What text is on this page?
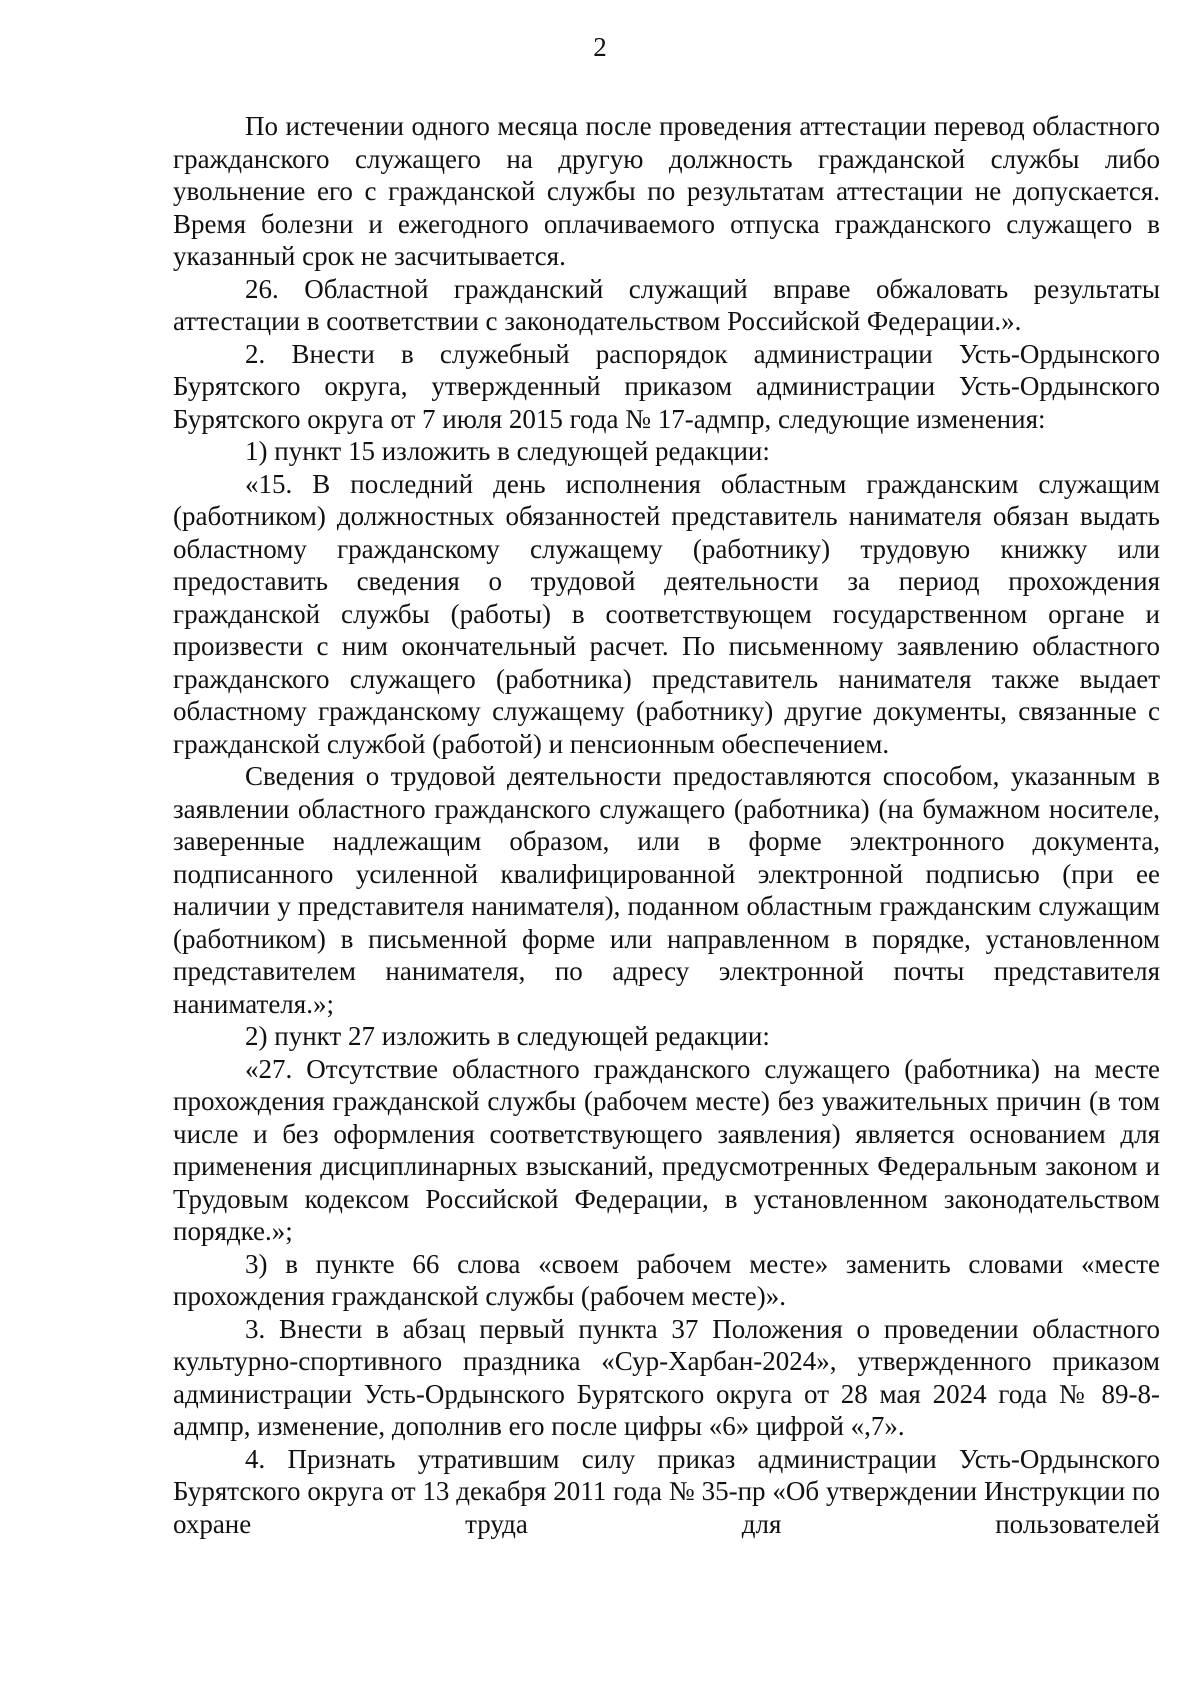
2

По истечении одного месяца после проведения аттестации перевод областного гражданского служащего на другую должность гражданской службы либо увольнение его с гражданской службы по результатам аттестации не допускается. Время болезни и ежегодного оплачиваемого отпуска гражданского служащего в указанный срок не засчитывается.

26. Областной гражданский служащий вправе обжаловать результаты аттестации в соответствии с законодательством Российской Федерации.».

2. Внести в служебный распорядок администрации Усть-Ордынского Бурятского округа, утвержденный приказом администрации Усть-Ордынского Бурятского округа от 7 июля 2015 года № 17-адмпр, следующие изменения:

1) пункт 15 изложить в следующей редакции:

«15. В последний день исполнения областным гражданским служащим (работником) должностных обязанностей представитель нанимателя обязан выдать областному гражданскому служащему (работнику) трудовую книжку или предоставить сведения о трудовой деятельности за период прохождения гражданской службы (работы) в соответствующем государственном органе и произвести с ним окончательный расчет. По письменному заявлению областного гражданского служащего (работника) представитель нанимателя также выдает областному гражданскому служащему (работнику) другие документы, связанные с гражданской службой (работой) и пенсионным обеспечением.

Сведения о трудовой деятельности предоставляются способом, указанным в заявлении областного гражданского служащего (работника) (на бумажном носителе, заверенные надлежащим образом, или в форме электронного документа, подписанного усиленной квалифицированной электронной подписью (при ее наличии у представителя нанимателя), поданном областным гражданским служащим (работником) в письменной форме или направленном в порядке, установленном представителем нанимателя, по адресу электронной почты представителя нанимателя.»;

2) пункт 27 изложить в следующей редакции:

«27. Отсутствие областного гражданского служащего (работника) на месте прохождения гражданской службы (рабочем месте) без уважительных причин (в том числе и без оформления соответствующего заявления) является основанием для применения дисциплинарных взысканий, предусмотренных Федеральным законом и Трудовым кодексом Российской Федерации, в установленном законодательством порядке.»;

3) в пункте 66 слова «своем рабочем месте» заменить словами «месте прохождения гражданской службы (рабочем месте)».

3. Внести в абзац первый пункта 37 Положения о проведении областного культурно-спортивного праздника «Сур-Харбан-2024», утвержденного приказом администрации Усть-Ордынского Бурятского округа от 28 мая 2024 года № 89-8-адмпр, изменение, дополнив его после цифры «6» цифрой «,7».

4. Признать утратившим силу приказ администрации Усть-Ордынского Бурятского округа от 13 декабря 2011 года № 35-пр «Об утверждении Инструкции по охране труда для пользователей
